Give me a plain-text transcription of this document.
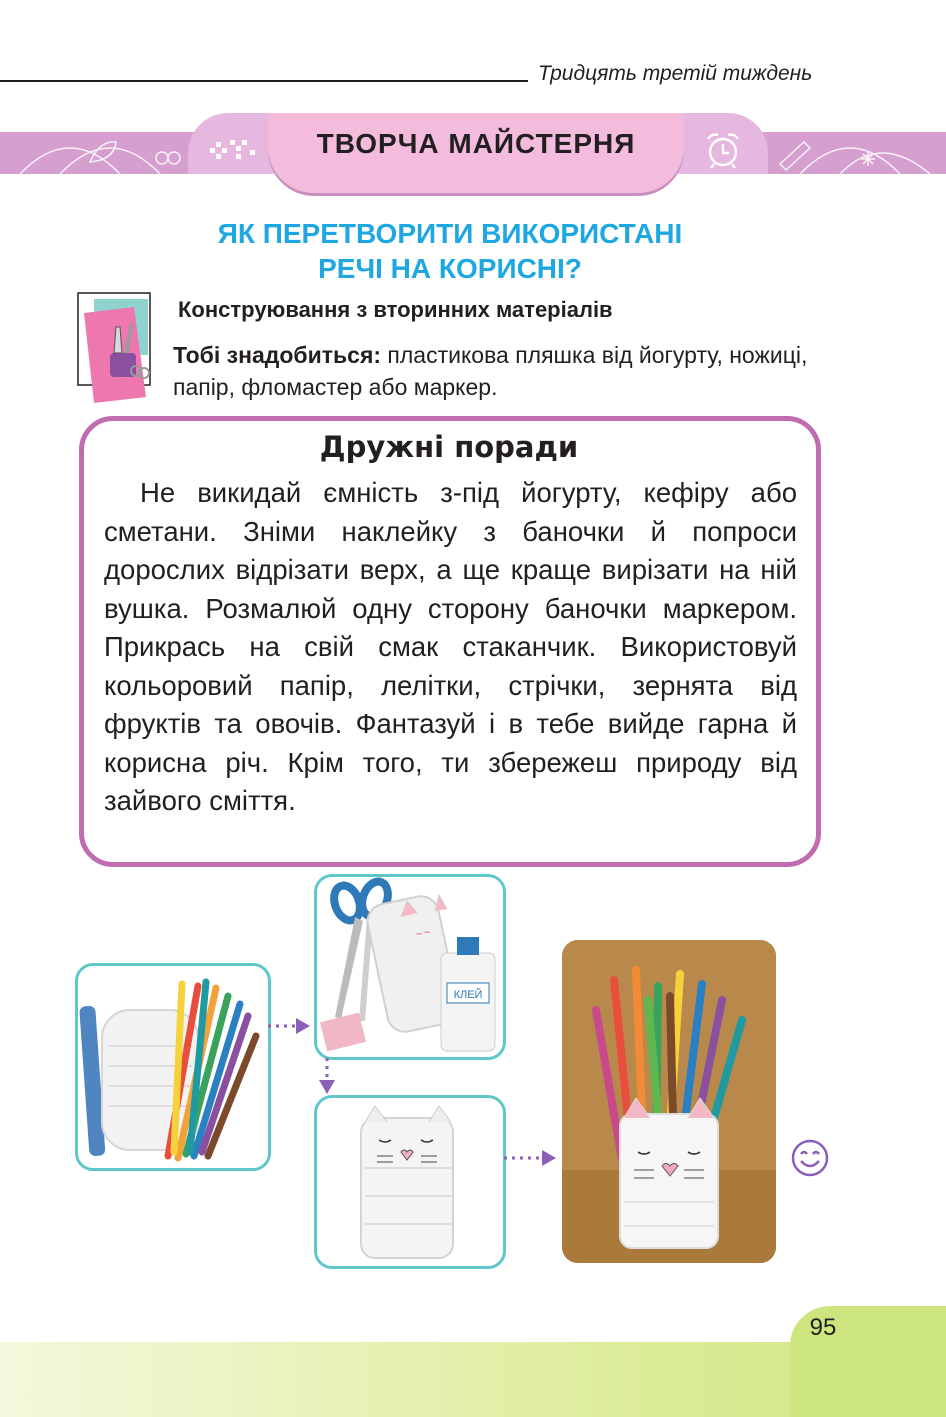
Тридцять третій тиждень
ТВОРЧА МАЙСТЕРНЯ
ЯК ПЕРЕТВОРИТИ ВИКОРИСТАНІ
РЕЧІ НА КОРИСНІ?
Конструювання з вторинних матеріалів
Тобі знадобиться: пластикова пляшка від йогурту, ножиці, папір, фломастер або маркер.
Дружні поради
Не викидай ємність з-під йогурту, кефіру або сметани. Зніми наклейку з баночки й попроси дорослих відрізати верх, а ще краще вирізати на ній вушка. Розмалюй одну сторону баночки маркером. Прикрась на свій смак стаканчик. Використовуй кольоровий папір, лелітки, стрічки, зернята від фруктів та овочів. Фантазуй і в тебе вийде гарна й корисна річ. Крім того, ти збережеш природу від зайвого сміття.
КЛЕЙ
95
